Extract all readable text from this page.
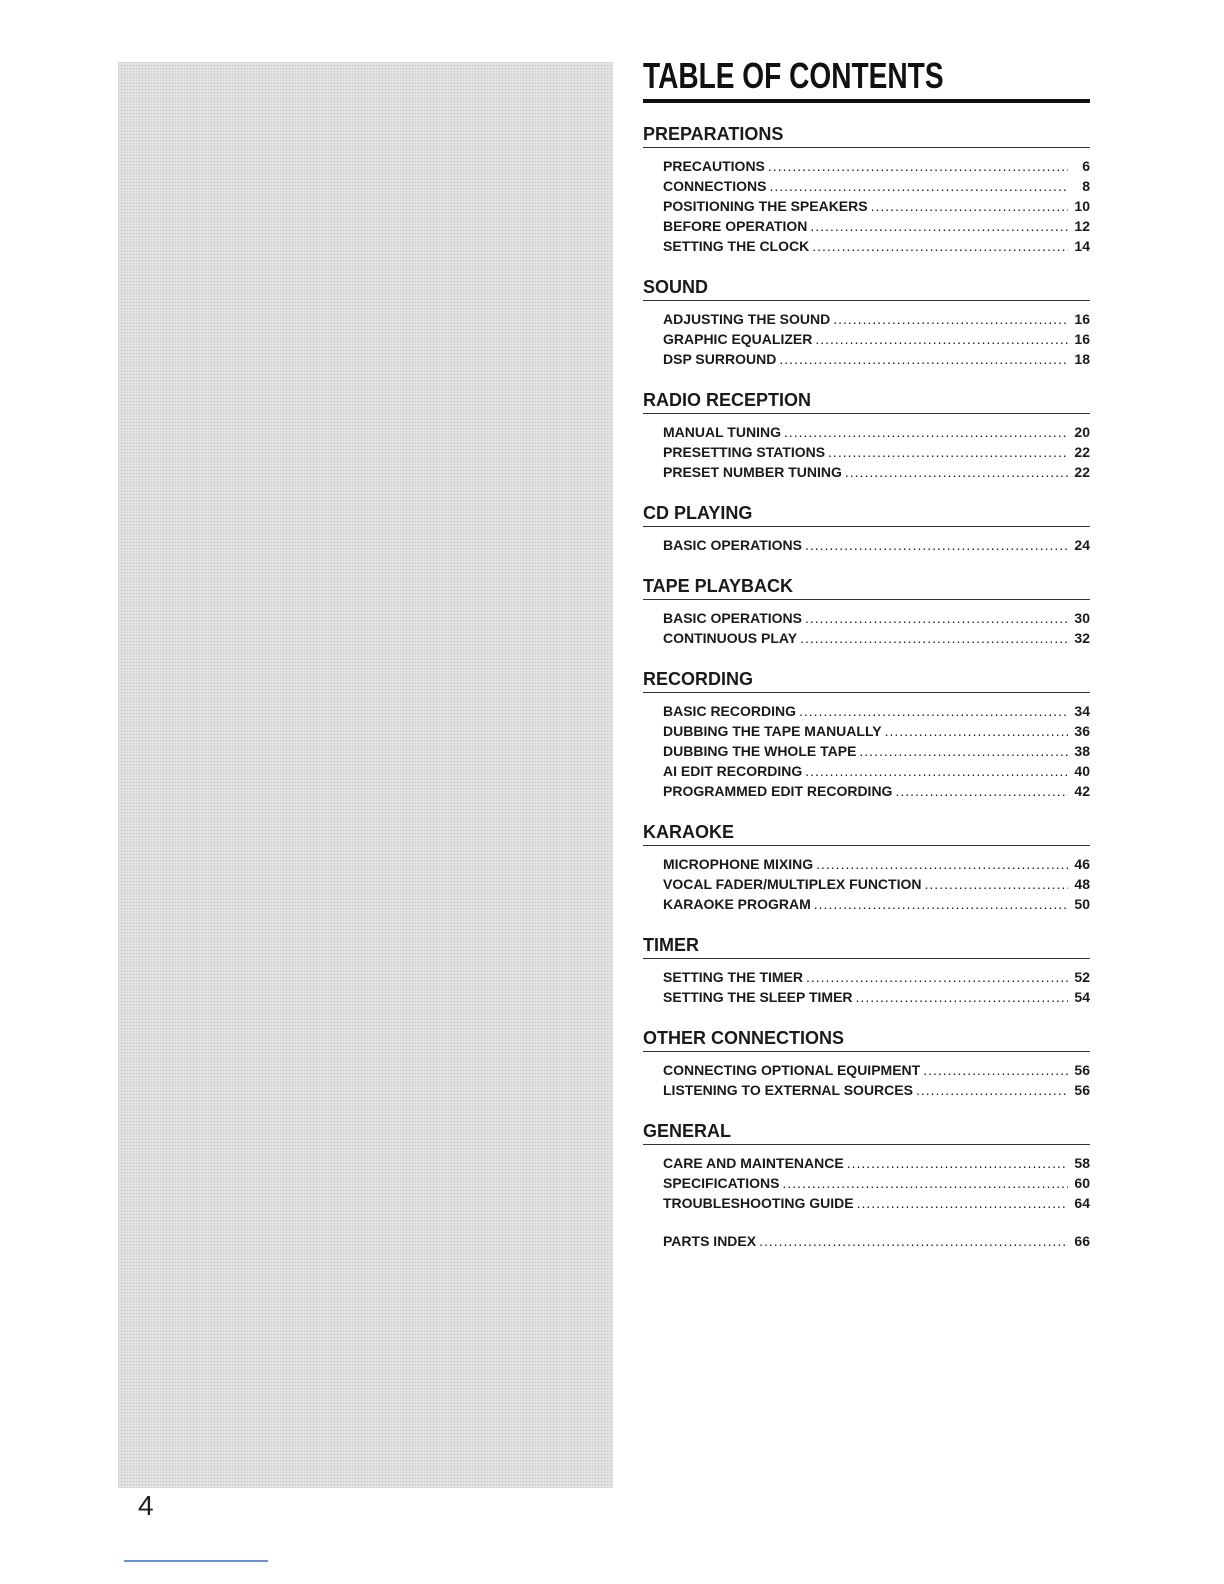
TABLE OF CONTENTS
PREPARATIONS
PRECAUTIONS .....	6
CONNECTIONS .....	8
POSITIONING THE SPEAKERS .....	10
BEFORE OPERATION .....	12
SETTING THE CLOCK .....	14
SOUND
ADJUSTING THE SOUND .....	16
GRAPHIC EQUALIZER .....	16
DSP SURROUND .....	18
RADIO RECEPTION
MANUAL TUNING .....	20
PRESETTING STATIONS .....	22
PRESET NUMBER TUNING .....	22
CD PLAYING
BASIC OPERATIONS .....	24
TAPE PLAYBACK
BASIC OPERATIONS .....	30
CONTINUOUS PLAY .....	32
RECORDING
BASIC RECORDING .....	34
DUBBING THE TAPE MANUALLY .....	36
DUBBING THE WHOLE TAPE .....	38
AI EDIT RECORDING .....	40
PROGRAMMED EDIT RECORDING .....	42
KARAOKE
MICROPHONE MIXING .....	46
VOCAL FADER/MULTIPLEX FUNCTION .....	48
KARAOKE PROGRAM .....	50
TIMER
SETTING THE TIMER .....	52
SETTING THE SLEEP TIMER .....	54
OTHER CONNECTIONS
CONNECTING OPTIONAL EQUIPMENT .....	56
LISTENING TO EXTERNAL SOURCES .....	56
GENERAL
CARE AND MAINTENANCE .....	58
SPECIFICATIONS .....	60
TROUBLESHOOTING GUIDE .....	64
PARTS INDEX .....	66
4
